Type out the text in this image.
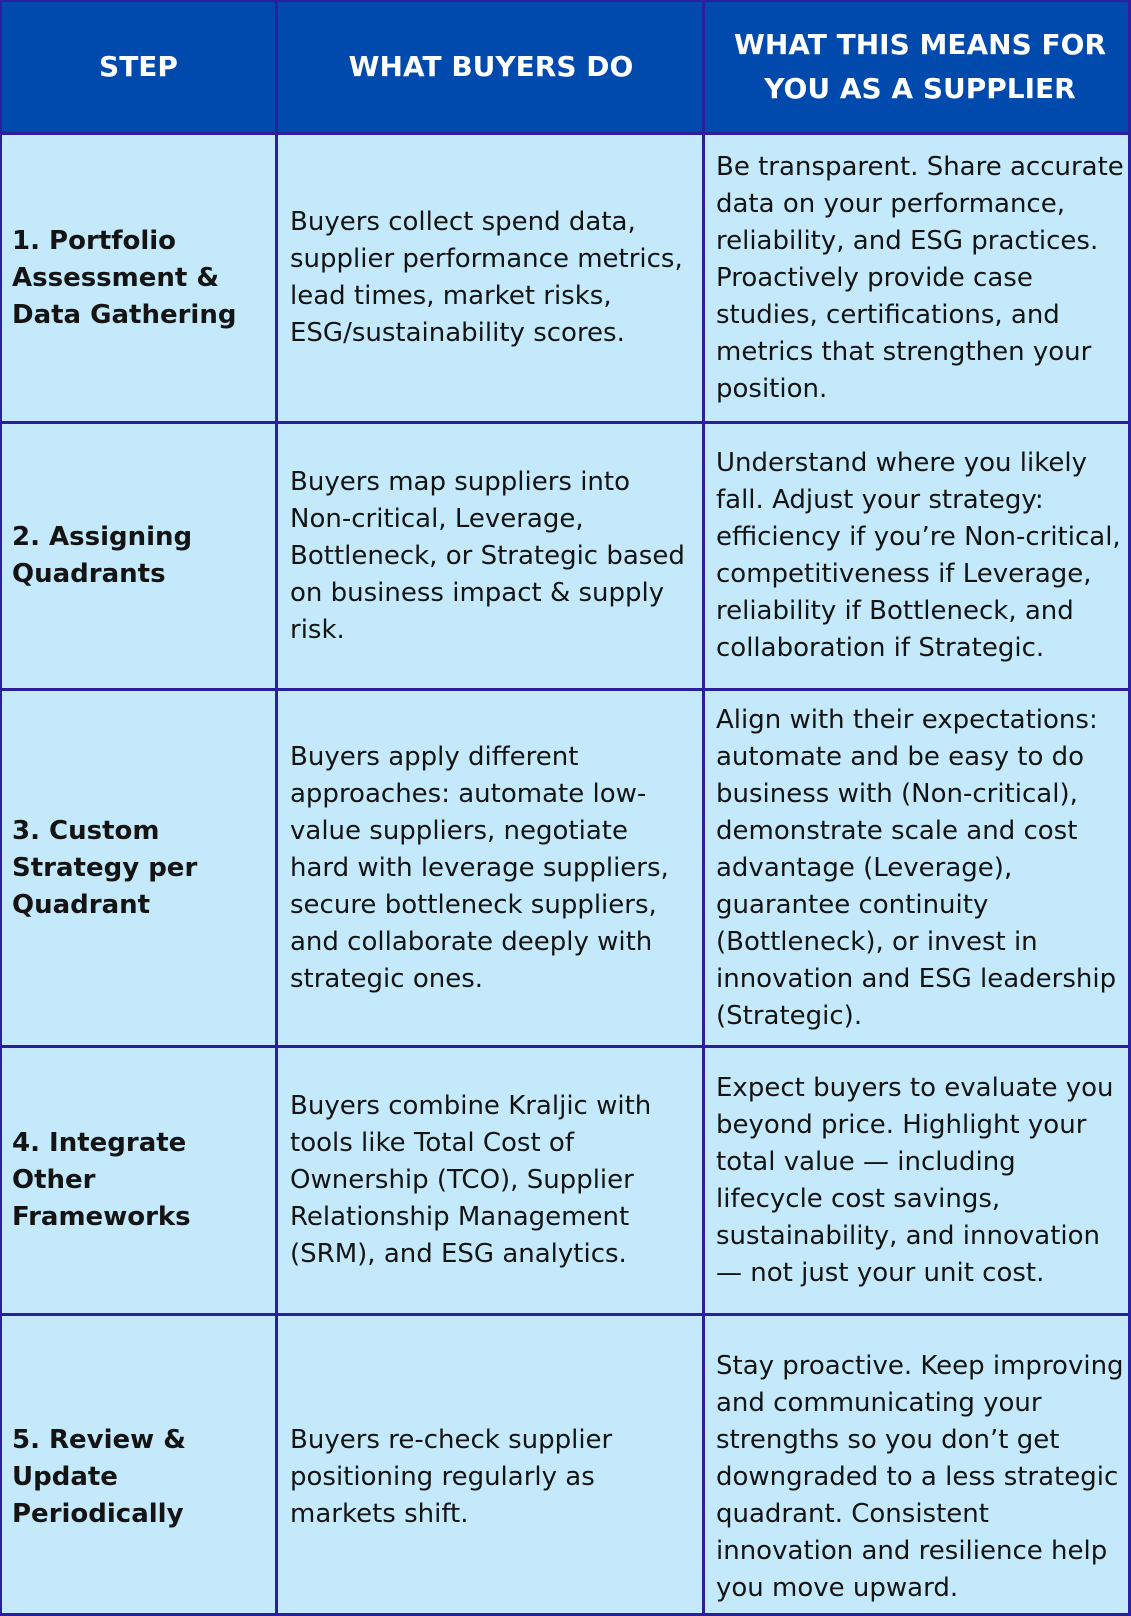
STEP	WHAT BUYERS DO
WHAT THIS MEANS FOR YOU AS A SUPPLIER
1. Portfolio Assessment & Data Gathering
Buyers collect spend data, supplier performance metrics, lead times, market risks, ESG/sustainability scores.
Be transparent. Share accurate data on your performance, reliability, and ESG practices. Proactively provide case studies, certifications, and metrics that strengthen your position.
2. Assigning Quadrants
Buyers map suppliers into Non-critical, Leverage, Bottleneck, or Strategic based on business impact & supply risk.
Understand where you likely fall. Adjust your strategy: efficiency if you’re Non-critical, competitiveness if Leverage, reliability if Bottleneck, and collaboration if Strategic.
3. Custom Strategy per Quadrant
Buyers apply different approaches: automate low-value suppliers, negotiate hard with leverage suppliers, secure bottleneck suppliers, and collaborate deeply with strategic ones.
Align with their expectations: automate and be easy to do business with (Non-critical), demonstrate scale and cost advantage (Leverage), guarantee continuity (Bottleneck), or invest in innovation and ESG leadership (Strategic).
4. Integrate Other Frameworks
Buyers combine Kraljic with tools like Total Cost of Ownership (TCO), Supplier Relationship Management (SRM), and ESG analytics.
Expect buyers to evaluate you beyond price. Highlight your total value — including lifecycle cost savings, sustainability, and innovation — not just your unit cost.
5. Review & Update Periodically
Buyers re-check supplier positioning regularly as markets shift.
Stay proactive. Keep improving and communicating your strengths so you don’t get downgraded to a less strategic quadrant. Consistent innovation and resilience help you move upward.
